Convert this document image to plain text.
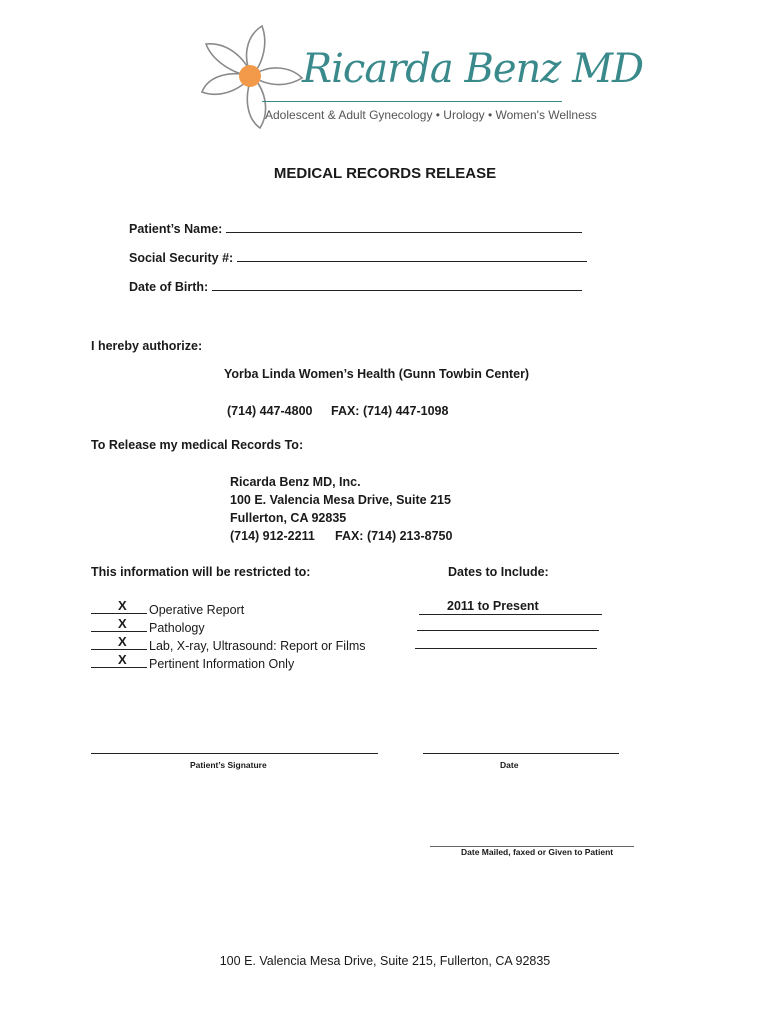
Ricarda Benz MD
Adolescent & Adult Gynecology • Urology • Women's Wellness
MEDICAL RECORDS RELEASE
Patient’s Name:
Social Security #:
Date of Birth:
I hereby authorize:
Yorba Linda Women’s Health (Gunn Towbin Center)
(714) 447-4800 FAX: (714) 447-1098
To Release my medical Records To:
Ricarda Benz MD, Inc.
100 E. Valencia Mesa Drive, Suite 215
Fullerton, CA 92835
(714) 912-2211 FAX: (714) 213-8750
This information will be restricted to:	Dates to Include:
X Operative Report
X Pathology
X Lab, X-ray, Ultrasound: Report or Films
X Pertinent Information Only
2011 to Present
Patient’s Signature	Date
Date Mailed, faxed or Given to Patient
100 E. Valencia Mesa Drive, Suite 215, Fullerton, CA 92835
